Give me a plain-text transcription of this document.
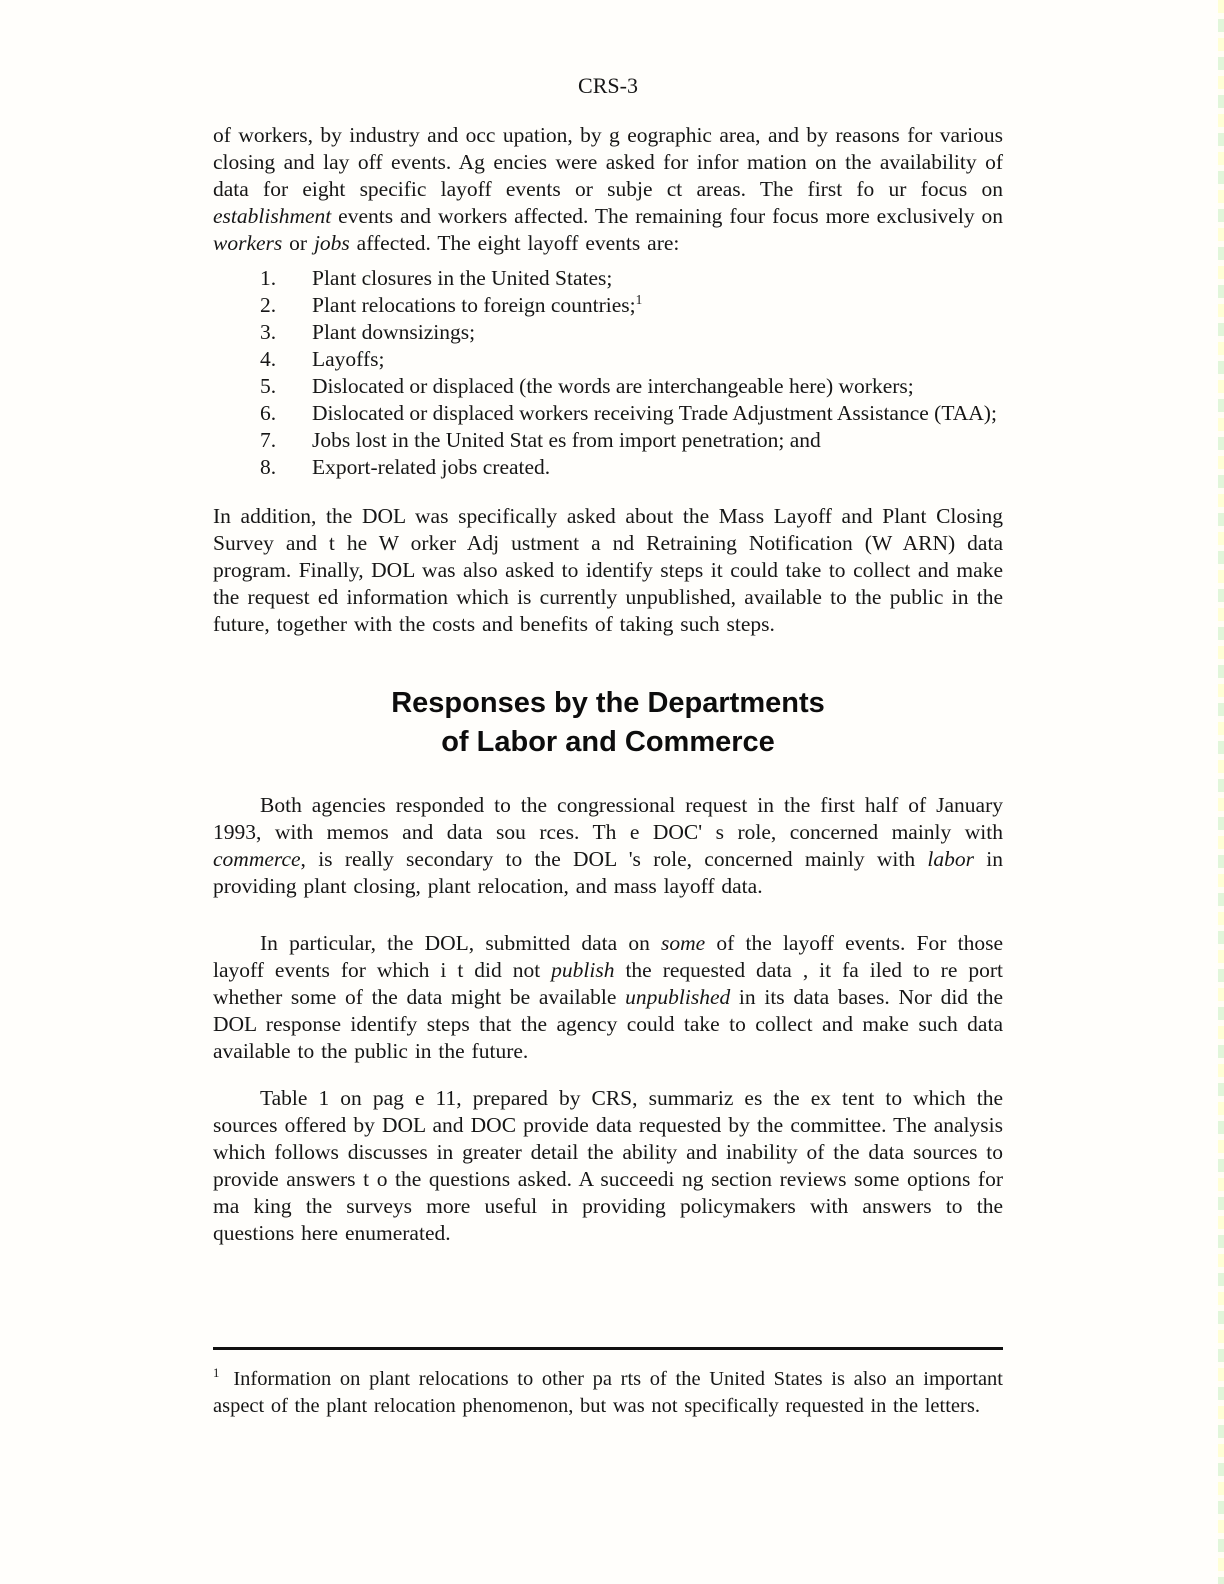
CRS-3

of workers, by industry and occ upation, by g eographic area, and by reasons for various closing and lay off events. Ag encies were asked for infor mation on the availability of data for eight specific layoff events or subje ct areas. The first fo ur focus on establishment events and workers affected. The remaining four focus more exclusively on workers or jobs affected. The eight layoff events are:

1.	Plant closures in the United States;
2.	Plant relocations to foreign countries;$^1$
3.	Plant downsizings;
4.	Layoffs;
5.	Dislocated or displaced (the words are interchangeable here) workers;
6.	Dislocated or displaced workers receiving Trade Adjustment Assistance (TAA);
7.	Jobs lost in the United Stat es from import penetration; and
8.	Export-related jobs created.

In addition, the DOL was specifically asked about the Mass Layoff and Plant Closing Survey and t he W orker Adj ustment a nd Retraining Notification (W ARN) data program. Finally, DOL was also asked to identify steps it could take to collect and make the request ed information which is currently unpublished, available to the public in the future, together with the costs and benefits of taking such steps.

Responses by the Departments
of Labor and Commerce

Both agencies responded to the congressional request in the first half of January 1993, with memos and data sou rces. Th e DOC' s role, concerned mainly with commerce, is really secondary to the DOL 's role, concerned mainly with labor in providing plant closing, plant relocation, and mass layoff data.

In particular, the DOL, submitted data on some of the layoff events. For those layoff events for which i t did not publish the requested data , it fa iled to re port whether some of the data might be available unpublished in its data bases. Nor did the DOL response identify steps that the agency could take to collect and make such data available to the public in the future.

Table 1 on pag e 11, prepared by CRS, summariz es the ex tent to which the sources offered by DOL and DOC provide data requested by the committee. The analysis which follows discusses in greater detail the ability and inability of the data sources to provide answers t o the questions asked. A succeedi ng section reviews some options for ma king the surveys more useful in providing policymakers with answers to the questions here enumerated.

$^1$ Information on plant relocations to other pa rts of the United States is also an important aspect of the plant relocation phenomenon, but was not specifically requested in the letters.
